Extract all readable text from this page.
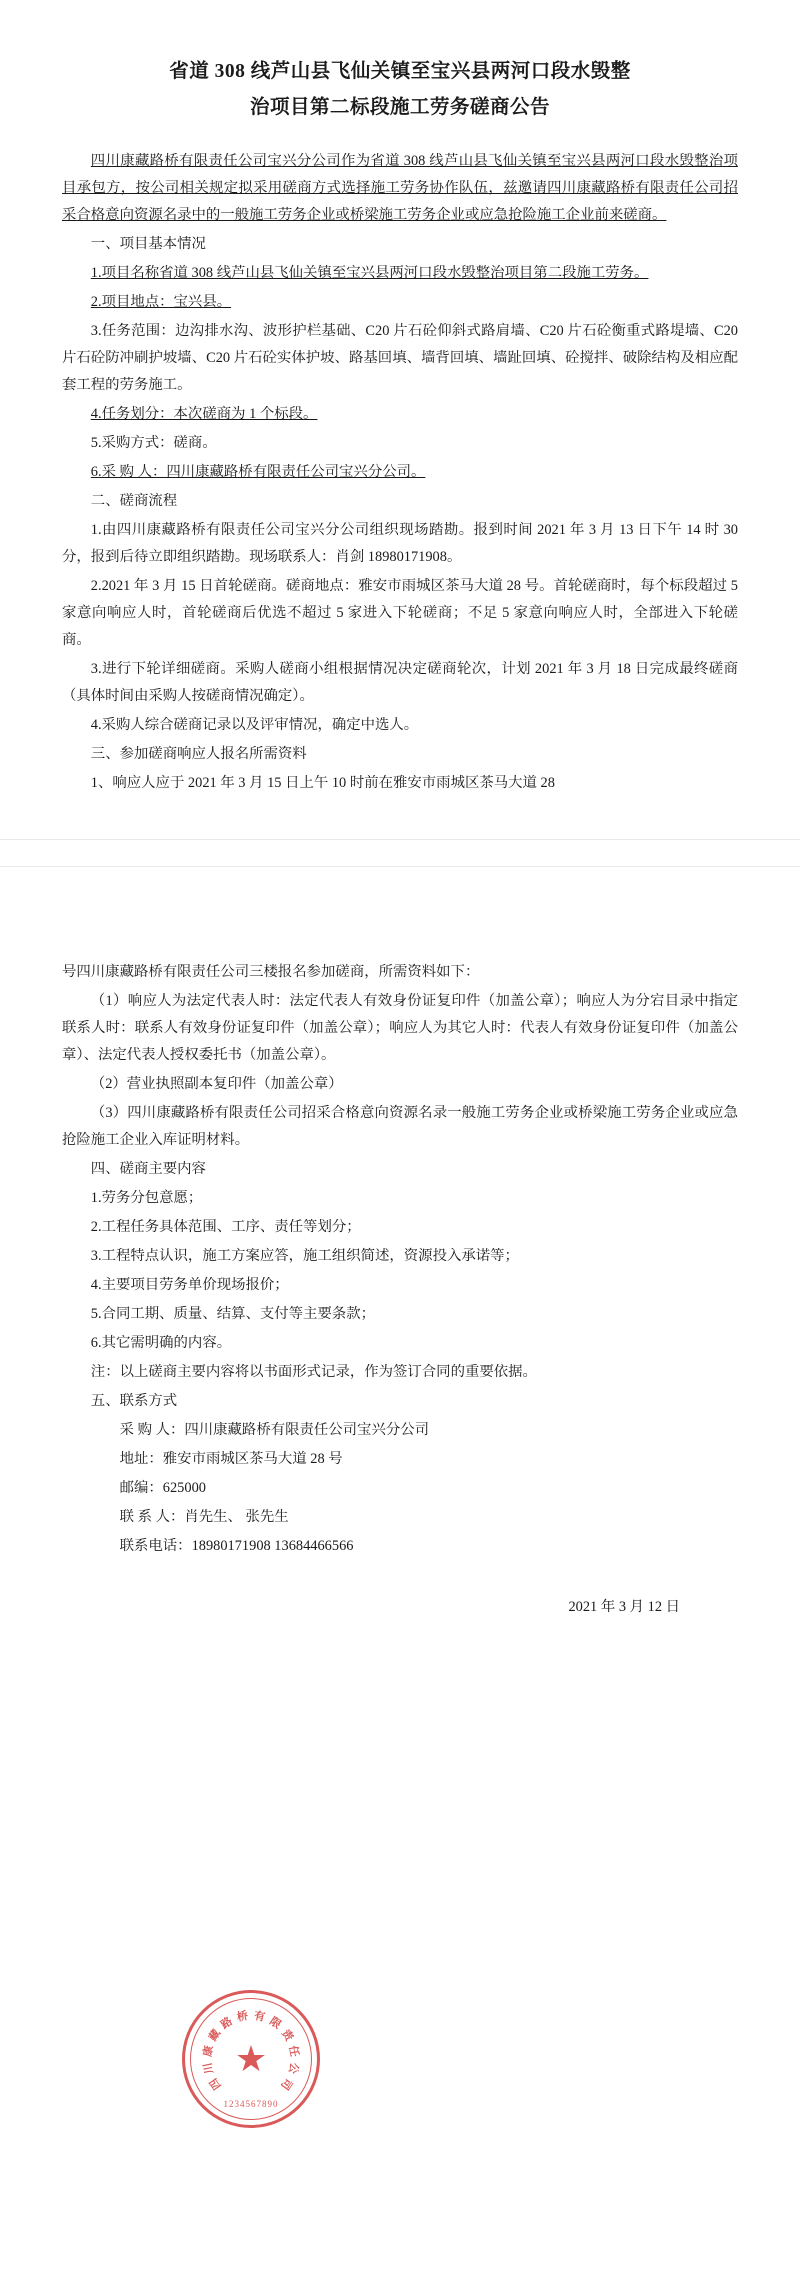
省道 308 线芦山县飞仙关镇至宝兴县两河口段水毁整
治项目第二标段施工劳务磋商公告

四川康藏路桥有限责任公司宝兴分公司作为省道 308 线芦山县飞仙关镇至宝兴县两河口段水毁整治项目承包方，按公司相关规定拟采用磋商方式选择施工劳务协作队伍，兹邀请四川康藏路桥有限责任公司招采合格意向资源名录中的一般施工劳务企业或桥梁施工劳务企业或应急抢险施工企业前来磋商。

一、项目基本情况

1.项目名称省道 308 线芦山县飞仙关镇至宝兴县两河口段水毁整治项目第二段施工劳务。

2.项目地点：宝兴县。

3.任务范围：边沟排水沟、波形护栏基础、C20 片石砼仰斜式路肩墙、C20 片石砼衡重式路堤墙、C20 片石砼防冲刷护坡墙、C20 片石砼实体护坡、路基回填、墙背回填、墙趾回填、砼搅拌、破除结构及相应配套工程的劳务施工。

4.任务划分：本次磋商为 1 个标段。

5.采购方式：磋商。

6.采 购 人：四川康藏路桥有限责任公司宝兴分公司。

二、磋商流程

1.由四川康藏路桥有限责任公司宝兴分公司组织现场踏勘。报到时间 2021 年 3 月 13 日下午 14 时 30 分，报到后待立即组织踏勘。现场联系人：肖剑 18980171908。

2.2021 年 3 月 15 日首轮磋商。磋商地点：雅安市雨城区茶马大道 28 号。首轮磋商时，每个标段超过 5 家意向响应人时，首轮磋商后优选不超过 5 家进入下轮磋商；不足 5 家意向响应人时，全部进入下轮磋商。

3.进行下轮详细磋商。采购人磋商小组根据情况决定磋商轮次，计划 2021 年 3 月 18 日完成最终磋商（具体时间由采购人按磋商情况确定）。

4.采购人综合磋商记录以及评审情况，确定中选人。

三、参加磋商响应人报名所需资料

1、响应人应于 2021 年 3 月 15 日上午 10 时前在雅安市雨城区茶马大道 28

号四川康藏路桥有限责任公司三楼报名参加磋商，所需资料如下：

（1）响应人为法定代表人时：法定代表人有效身份证复印件（加盖公章）；响应人为分宕目录中指定联系人时：联系人有效身份证复印件（加盖公章）；响应人为其它人时：代表人有效身份证复印件（加盖公章）、法定代表人授权委托书（加盖公章）。

（2）营业执照副本复印件（加盖公章）

（3）四川康藏路桥有限责任公司招采合格意向资源名录一般施工劳务企业或桥梁施工劳务企业或应急抢险施工企业入库证明材料。

四、磋商主要内容

1.劳务分包意愿；

2.工程任务具体范围、工序、责任等划分；

3.工程特点认识，施工方案应答，施工组织简述，资源投入承诺等；

4.主要项目劳务单价现场报价；

5.合同工期、质量、结算、支付等主要条款；

6.其它需明确的内容。

注：以上磋商主要内容将以书面形式记录，作为签订合同的重要依据。

五、联系方式

采 购 人：四川康藏路桥有限责任公司宝兴分公司

地址：雅安市雨城区茶马大道 28 号

邮编：625000

联 系 人：肖先生、 张先生

联系电话：18980171908 13684466566

2021 年 3 月 12 日

四
川
康
藏
路 桥 有 限
责
任
公
司
★
1234567890
